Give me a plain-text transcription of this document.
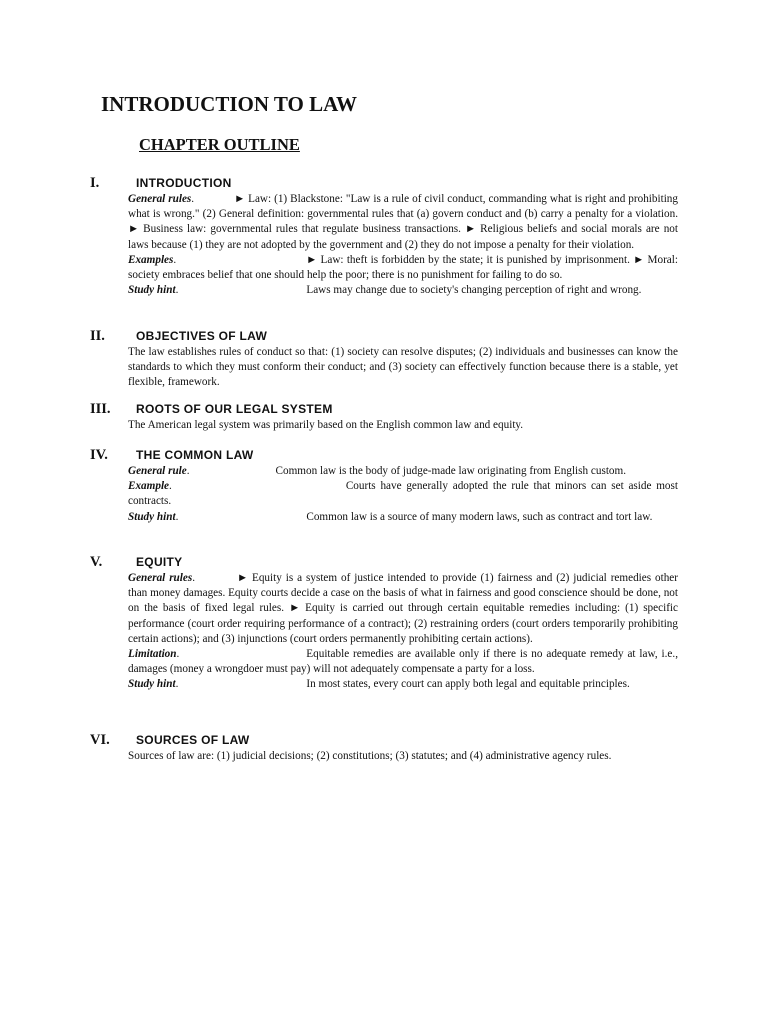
INTRODUCTION TO LAW
CHAPTER OUTLINE
I.	INTRODUCTION
General rules.	► Law: (1) Blackstone: "Law is a rule of civil conduct, commanding what is right and prohibiting what is wrong." (2) General definition: governmental rules that (a) govern conduct and (b) carry a penalty for a violation. ► Business law: governmental rules that regulate business transactions. ► Religious beliefs and social morals are not laws because (1) they are not adopted by the government and (2) they do not impose a penalty for their violation.
Examples.	► Law: theft is forbidden by the state; it is punished by imprisonment. ► Moral: society embraces belief that one should help the poor; there is no punishment for failing to do so.
Study hint.	Laws may change due to society's changing perception of right and wrong.
II.	OBJECTIVES OF LAW
The law establishes rules of conduct so that: (1) society can resolve disputes; (2) individuals and businesses can know the standards to which they must conform their conduct; and (3) society can effectively function because there is a stable, yet flexible, framework.
III. ROOTS OF OUR LEGAL SYSTEM
The American legal system was primarily based on the English common law and equity.
IV. THE COMMON LAW
General rule.	Common law is the body of judge-made law originating from English custom.
Example.	Courts have generally adopted the rule that minors can set aside most contracts.
Study hint.	Common law is a source of many modern laws, such as contract and tort law.
V.	EQUITY
General rules.	► Equity is a system of justice intended to provide (1) fairness and (2) judicial remedies other than money damages. Equity courts decide a case on the basis of what in fairness and good conscience should be done, not on the basis of fixed legal rules. ► Equity is carried out through certain equitable remedies including: (1) specific performance (court order requiring performance of a contract); (2) restraining orders (court orders temporarily prohibiting certain actions); and (3) injunctions (court orders permanently prohibiting certain actions).
Limitation.	Equitable remedies are available only if there is no adequate remedy at law, i.e., damages (money a wrongdoer must pay) will not adequately compensate a party for a loss.
Study hint.	In most states, every court can apply both legal and equitable principles.
VI. SOURCES OF LAW
Sources of law are: (1) judicial decisions; (2) constitutions; (3) statutes; and (4) administrative agency rules.
